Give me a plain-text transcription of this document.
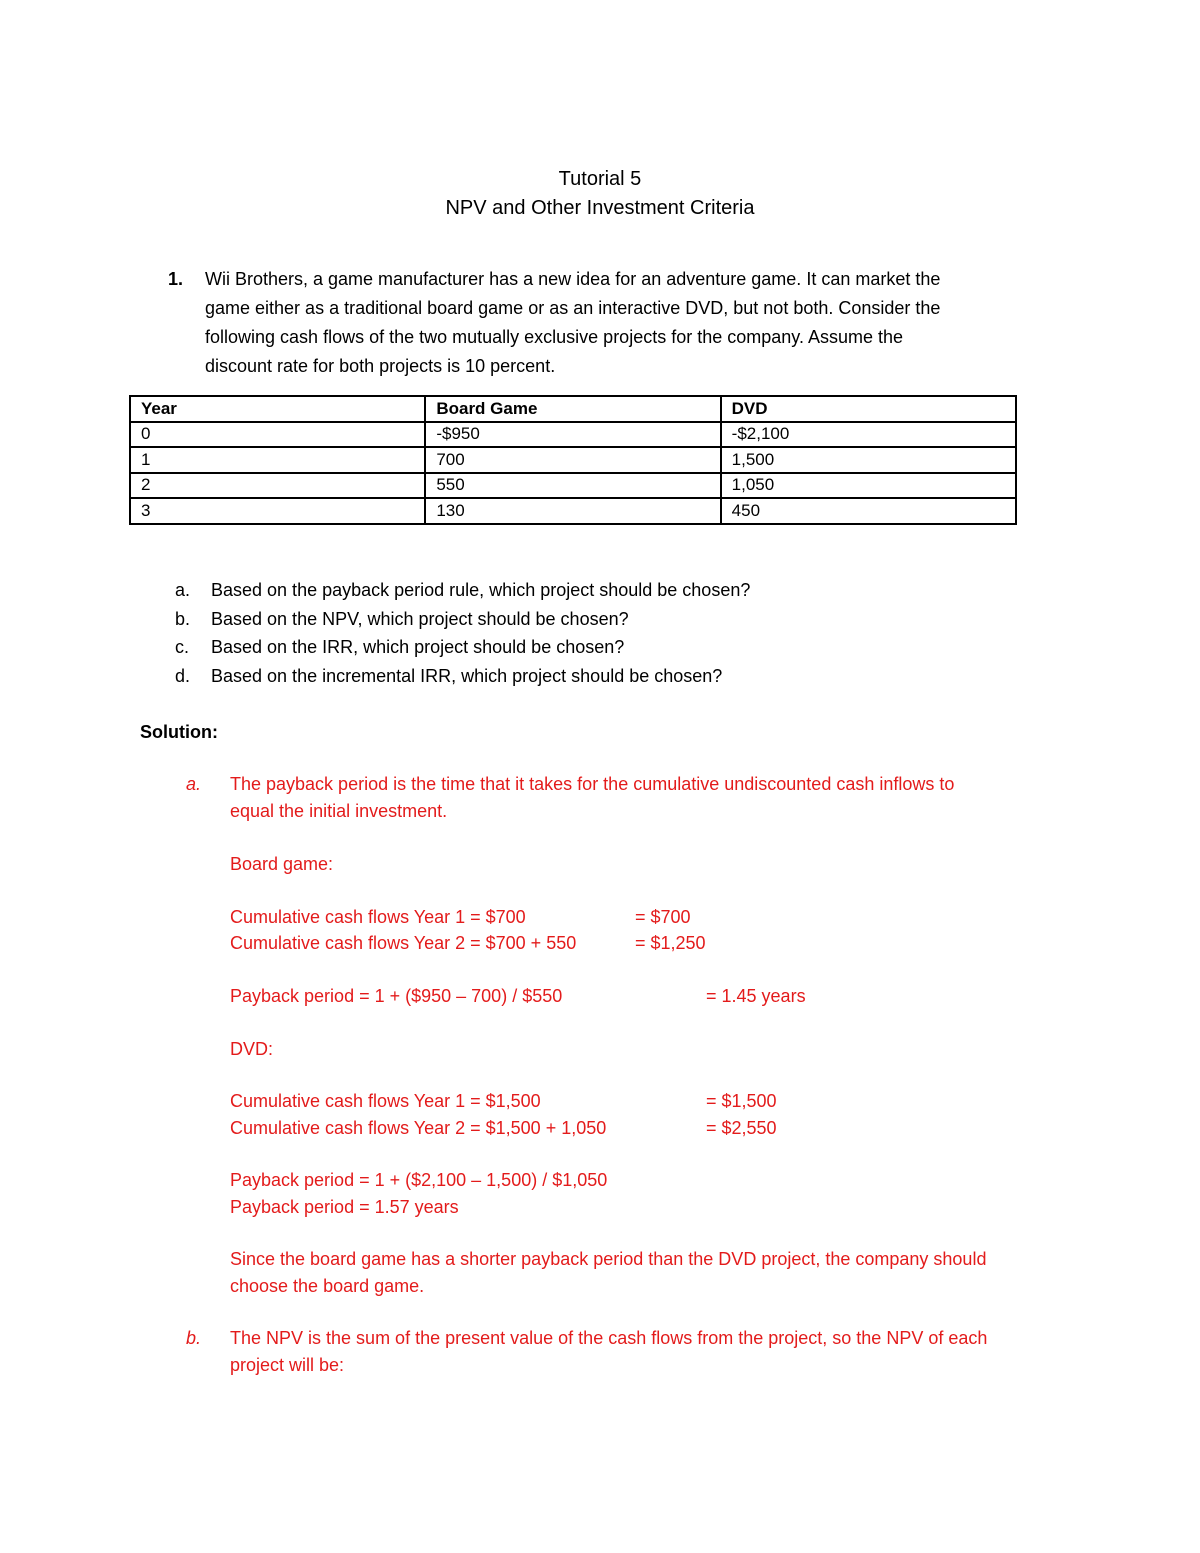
Tutorial 5
NPV and Other Investment Criteria
1. Wii Brothers, a game manufacturer has a new idea for an adventure game. It can market the
game either as a traditional board game or as an interactive DVD, but not both. Consider the
following cash flows of the two mutually exclusive projects for the company. Assume the
discount rate for both projects is 10 percent.
Year	Board Game	DVD
0	-$950	-$2,100
1	700	1,500
2	550	1,050
3	130	450
a. Based on the payback period rule, which project should be chosen?
b. Based on the NPV, which project should be chosen?
c. Based on the IRR, which project should be chosen?
d. Based on the incremental IRR, which project should be chosen?
Solution:
a. The payback period is the time that it takes for the cumulative undiscounted cash inflows to
equal the initial investment.
Board game:
Cumulative cash flows Year 1 = $700	= $700
Cumulative cash flows Year 2 = $700 + 550	= $1,250
Payback period = 1 + ($950 – 700) / $550	= 1.45 years
DVD:
Cumulative cash flows Year 1 = $1,500	= $1,500
Cumulative cash flows Year 2 = $1,500 + 1,050	= $2,550
Payback period = 1 + ($2,100 – 1,500) / $1,050
Payback period = 1.57 years
Since the board game has a shorter payback period than the DVD project, the company should
choose the board game.
b. The NPV is the sum of the present value of the cash flows from the project, so the NPV of each
project will be:
